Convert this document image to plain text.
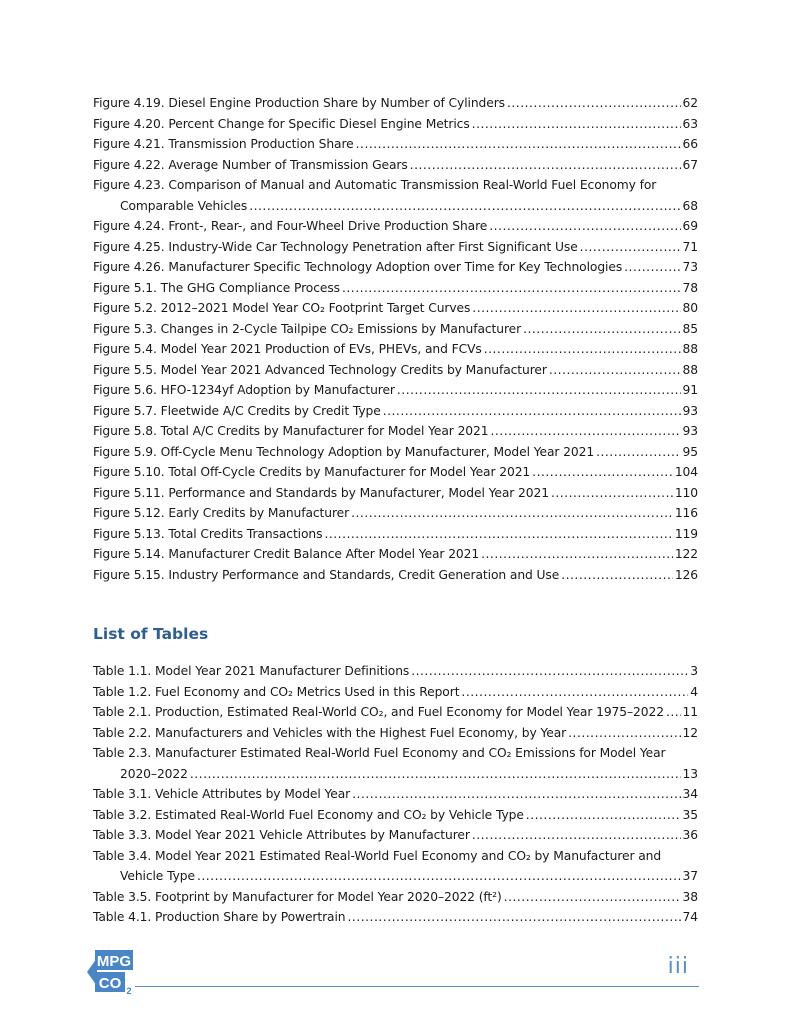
Figure 4.19. Diesel Engine Production Share by Number of Cylinders .....	62
Figure 4.20. Percent Change for Specific Diesel Engine Metrics .....	63
Figure 4.21. Transmission Production Share .....	66
Figure 4.22. Average Number of Transmission Gears .....	67
Figure 4.23. Comparison of Manual and Automatic Transmission Real-World Fuel Economy for
Comparable Vehicles .....	68
Figure 4.24. Front-, Rear-, and Four-Wheel Drive Production Share .....	69
Figure 4.25. Industry-Wide Car Technology Penetration after First Significant Use .....	71
Figure 4.26. Manufacturer Specific Technology Adoption over Time for Key Technologies .....	73
Figure 5.1. The GHG Compliance Process .....	78
Figure 5.2. 2012–2021 Model Year CO₂ Footprint Target Curves .....	80
Figure 5.3. Changes in 2-Cycle Tailpipe CO₂ Emissions by Manufacturer .....	85
Figure 5.4. Model Year 2021 Production of EVs, PHEVs, and FCVs .....	88
Figure 5.5. Model Year 2021 Advanced Technology Credits by Manufacturer .....	88
Figure 5.6. HFO-1234yf Adoption by Manufacturer .....	91
Figure 5.7. Fleetwide A/C Credits by Credit Type .....	93
Figure 5.8. Total A/C Credits by Manufacturer for Model Year 2021 .....	93
Figure 5.9. Off-Cycle Menu Technology Adoption by Manufacturer, Model Year 2021 .....	95
Figure 5.10. Total Off-Cycle Credits by Manufacturer for Model Year 2021 .....	104
Figure 5.11. Performance and Standards by Manufacturer, Model Year 2021 .....	110
Figure 5.12. Early Credits by Manufacturer .....	116
Figure 5.13. Total Credits Transactions .....	119
Figure 5.14. Manufacturer Credit Balance After Model Year 2021 .....	122
Figure 5.15. Industry Performance and Standards, Credit Generation and Use .....	126
List of Tables
Table 1.1. Model Year 2021 Manufacturer Definitions .....	3
Table 1.2. Fuel Economy and CO₂ Metrics Used in this Report .....	4
Table 2.1. Production, Estimated Real-World CO₂, and Fuel Economy for Model Year 1975–2022 ..... 11
Table 2.2. Manufacturers and Vehicles with the Highest Fuel Economy, by Year .....	12
Table 2.3. Manufacturer Estimated Real-World Fuel Economy and CO₂ Emissions for Model Year
2020–2022 .....	13
Table 3.1. Vehicle Attributes by Model Year .....	34
Table 3.2. Estimated Real-World Fuel Economy and CO₂ by Vehicle Type .....	35
Table 3.3. Model Year 2021 Vehicle Attributes by Manufacturer .....	36
Table 3.4. Model Year 2021 Estimated Real-World Fuel Economy and CO₂ by Manufacturer and
Vehicle Type .....	37
Table 3.5. Footprint by Manufacturer for Model Year 2020–2022 (ft²) .....	38
Table 4.1. Production Share by Powertrain .....	74
MPG
CO 2
iii
